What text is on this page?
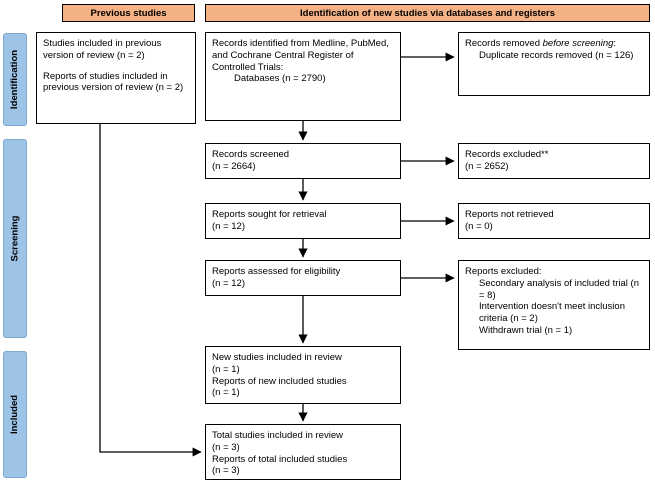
Previous studies	Identification of new studies via databases and registers
Identification
Screening
Included

Studies included in previous version of review (n = 2)

Reports of studies included in previous version of review (n = 2)

Records identified from Medline, PubMed, and Cochrane Central Register of Controlled Trials:
Databases (n = 2790)
Records screened
(n = 2664)
Reports sought for retrieval
(n = 12)
Reports assessed for eligibility
(n = 12)
New studies included in review
(n = 1)
Reports of new included studies
(n = 1)
Total studies included in review
(n = 3)
Reports of total included studies
(n = 3)
Records removed before screening:
Duplicate records removed (n = 126)
Records excluded**
(n = 2652)
Reports not retrieved
(n = 0)
Reports excluded:
Secondary analysis of included trial (n = 8)
Intervention doesn't meet inclusion criteria (n = 2)
Withdrawn trial (n = 1)
